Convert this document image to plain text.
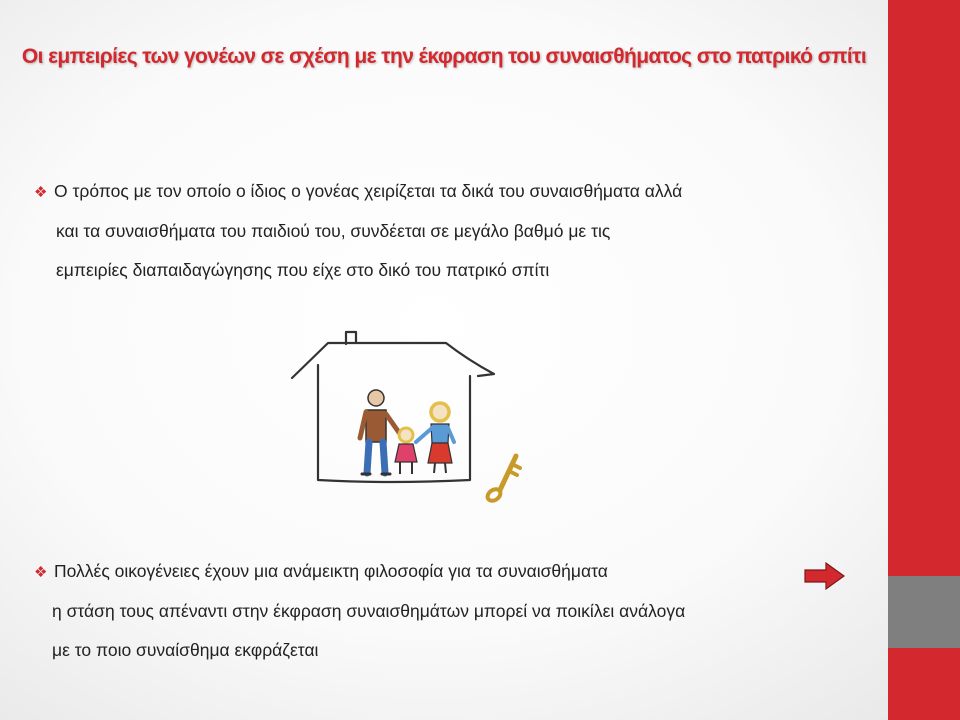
Οι εμπειρίες των γονέων σε σχέση με την έκφραση του συναισθήματος στο πατρικό σπίτι
❖ Ο τρόπος με τον οποίο ο ίδιος ο γονέας χειρίζεται τα δικά του συναισθήματα αλλά
και τα συναισθήματα του παιδιού του, συνδέεται σε μεγάλο βαθμό με τις
εμπειρίες διαπαιδαγώγησης που είχε στο δικό του πατρικό σπίτι
❖ Πολλές οικογένειες έχουν μια ανάμεικτη φιλοσοφία για τα συναισθήματα
η στάση τους απέναντι στην έκφραση συναισθημάτων μπορεί να ποικίλει ανάλογα
με το ποιο συναίσθημα εκφράζεται
